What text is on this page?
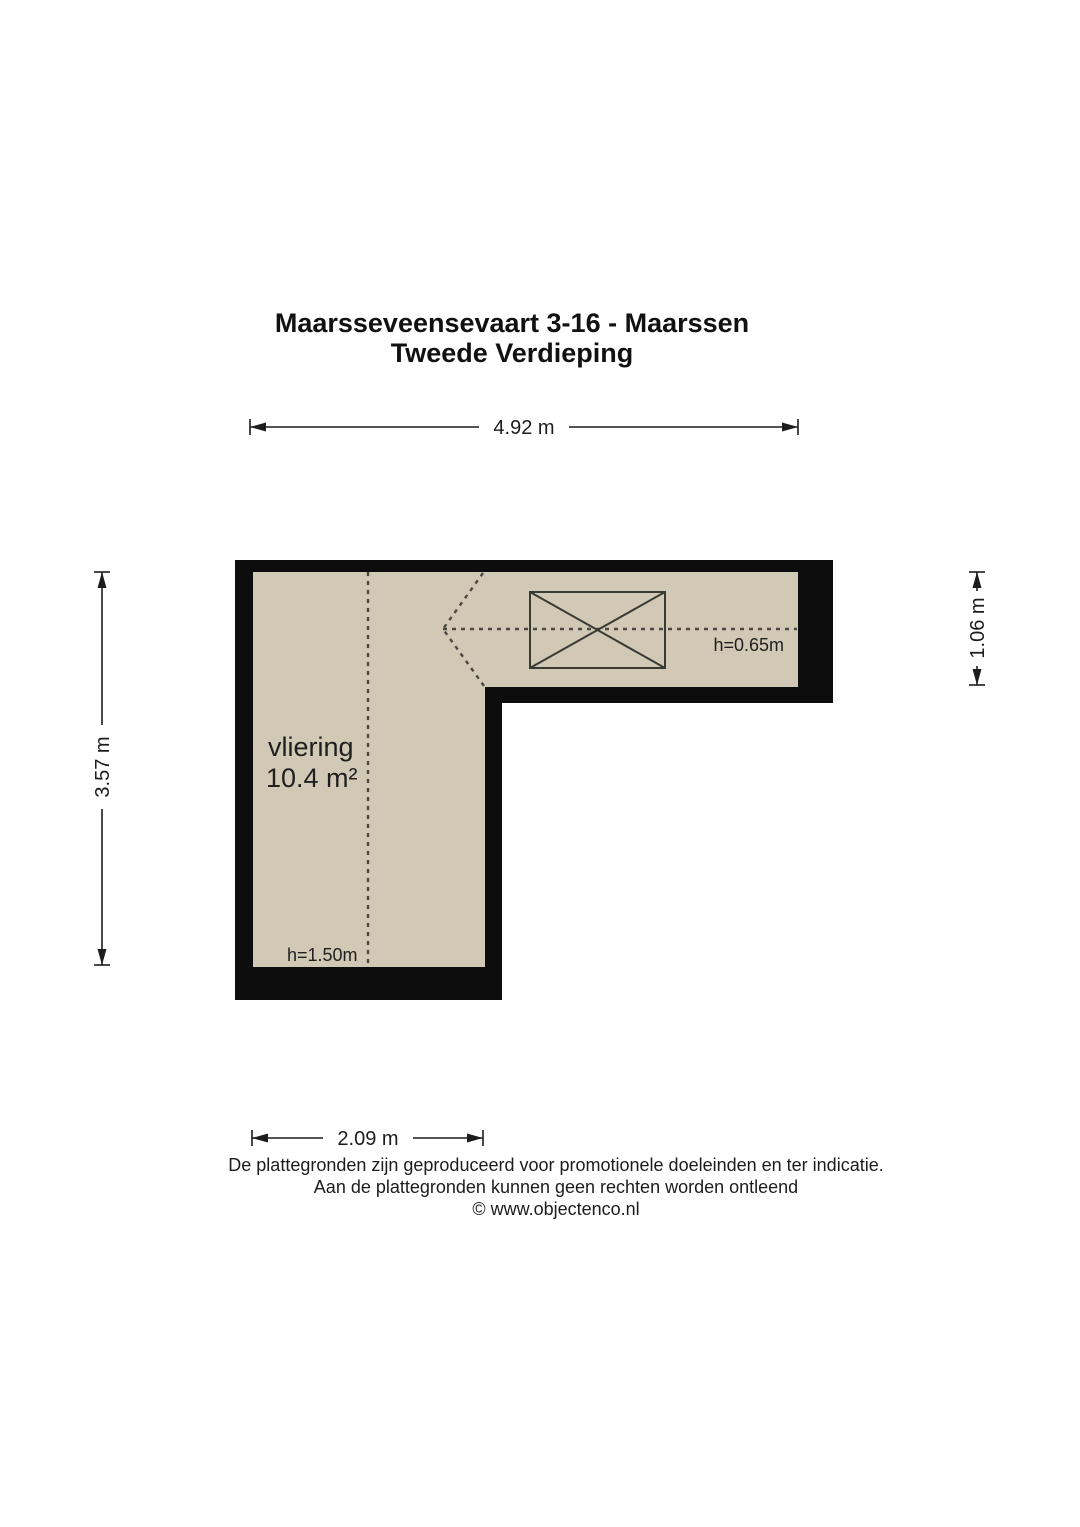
Maarsseveensevaart 3-16 - Maarssen
Tweede Verdieping
vliering
10.4 m²
h=0.65m
h=1.50m
4.92 m
3.57 m
1.06 m
2.09 m
De plattegronden zijn geproduceerd voor promotionele doeleinden en ter indicatie.
Aan de plattegronden kunnen geen rechten worden ontleend
© www.objectenco.nl
